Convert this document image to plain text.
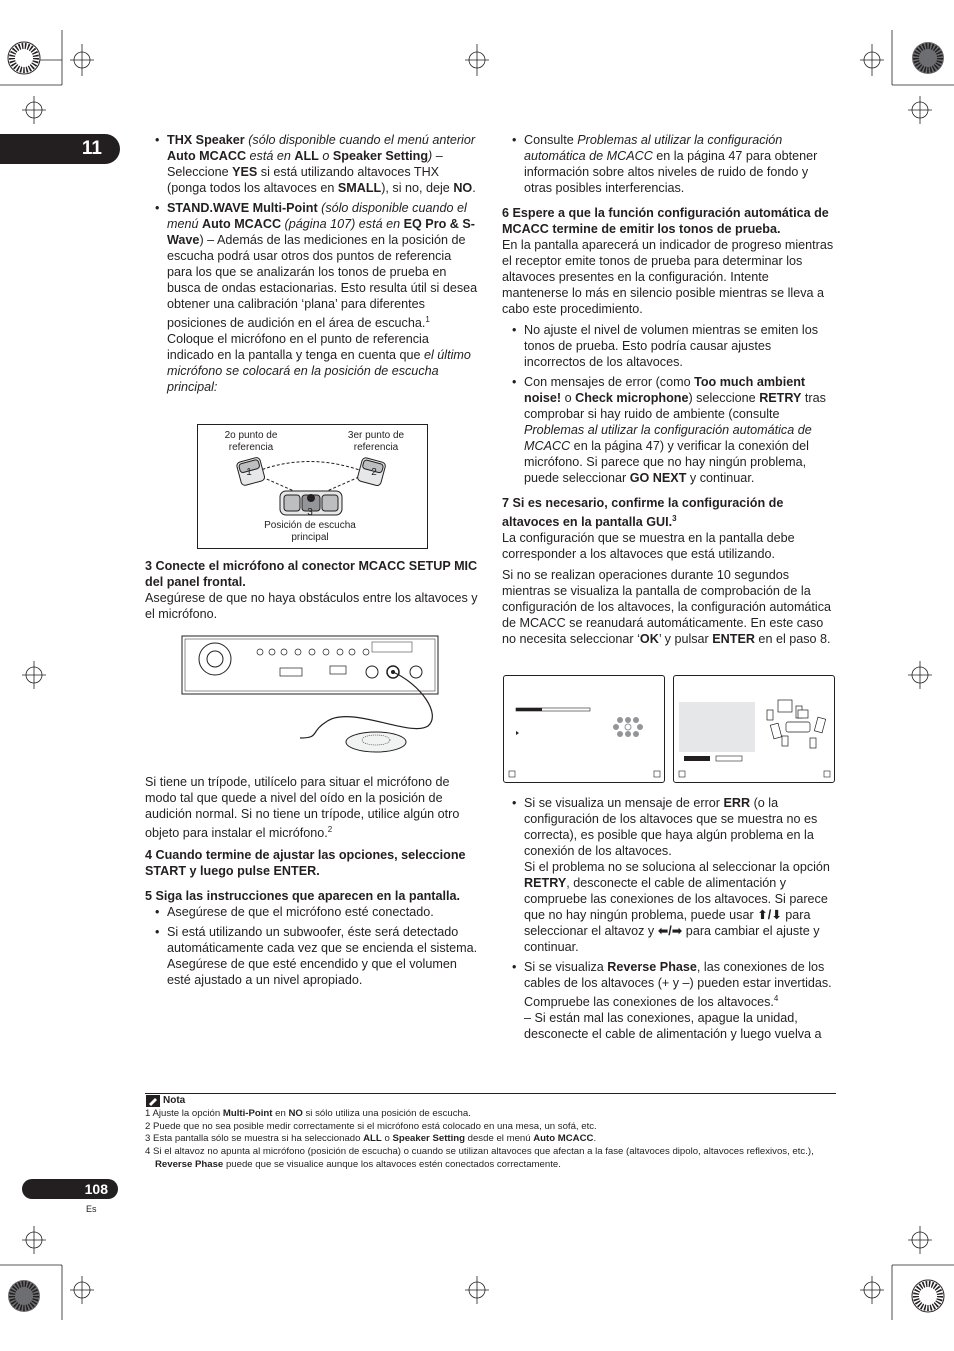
11
108
Es
• THX Speaker (sólo disponible cuando el menú anterior Auto MCACC está en ALL o Speaker Setting) – Seleccione YES si está utilizando altavoces THX (ponga todos los altavoces en SMALL), si no, deje NO.
• STAND.WAVE Multi-Point (sólo disponible cuando el menú Auto MCACC (página 107) está en EQ Pro & S-Wave) – Además de las mediciones en la posición de escucha podrá usar otros dos puntos de referencia para los que se analizarán los tonos de prueba en busca de ondas estacionarias. Esto resulta útil si desea obtener una calibración ‘plana’ para diferentes posiciones de audición en el área de escucha.$^1$ Coloque el micrófono en el punto de referencia indicado en la pantalla y tenga en cuenta que el último micrófono se colocará en la posición de escucha principal:
2o punto de referencia
3er punto de referencia
1	2
3
Posición de escucha principal
3 Conecte el micrófono al conector MCACC SETUP MIC del panel frontal.
Asegúrese de que no haya obstáculos entre los altavoces y el micrófono.
Si tiene un trípode, utilícelo para situar el micrófono de modo tal que quede a nivel del oído en la posición de audición normal. Si no tiene un trípode, utilice algún otro objeto para instalar el micrófono.$^2$
4 Cuando termine de ajustar las opciones, seleccione START y luego pulse ENTER.
5 Siga las instrucciones que aparecen en la pantalla.
• Asegúrese de que el micrófono esté conectado.
• Si está utilizando un subwoofer, éste será detectado automáticamente cada vez que se encienda el sistema. Asegúrese de que esté encendido y que el volumen esté ajustado a un nivel apropiado.
• Consulte Problemas al utilizar la configuración automática de MCACC en la página 47 para obtener información sobre altos niveles de ruido de fondo y otras posibles interferencias.
6 Espere a que la función configuración automática de MCACC termine de emitir los tonos de prueba.
En la pantalla aparecerá un indicador de progreso mientras el receptor emite tonos de prueba para determinar los altavoces presentes en la configuración. Intente mantenerse lo más en silencio posible mientras se lleva a cabo este procedimiento.
• No ajuste el nivel de volumen mientras se emiten los tonos de prueba. Esto podría causar ajustes incorrectos de los altavoces.
• Con mensajes de error (como Too much ambient noise! o Check microphone) seleccione RETRY tras comprobar si hay ruido de ambiente (consulte Problemas al utilizar la configuración automática de MCACC en la página 47) y verificar la conexión del micrófono. Si parece que no hay ningún problema, puede seleccionar GO NEXT y continuar.
7 Si es necesario, confirme la configuración de altavoces en la pantalla GUI.$^3$
La configuración que se muestra en la pantalla debe corresponder a los altavoces que está utilizando.
Si no se realizan operaciones durante 10 segundos mientras se visualiza la pantalla de comprobación de la configuración de los altavoces, la configuración automática de MCACC se reanudará automáticamente. En este caso no necesita seleccionar ‘OK’ y pulsar ENTER en el paso 8.
• Si se visualiza un mensaje de error ERR (o la configuración de los altavoces que se muestra no es correcta), es posible que haya algún problema en la conexión de los altavoces.
Si el problema no se soluciona al seleccionar la opción RETRY, desconecte el cable de alimentación y compruebe las conexiones de los altavoces. Si parece que no hay ningún problema, puede usar ⬆/⬇ para seleccionar el altavoz y ⬅/➡ para cambiar el ajuste y continuar.
• Si se visualiza Reverse Phase, las conexiones de los cables de los altavoces (+ y –) pueden estar invertidas. Compruebe las conexiones de los altavoces.$^4$
– Si están mal las conexiones, apague la unidad, desconecte el cable de alimentación y luego vuelva a
Nota
1 Ajuste la opción Multi-Point en NO si sólo utiliza una posición de escucha.
2 Puede que no sea posible medir correctamente si el micrófono está colocado en una mesa, un sofá, etc.
3 Esta pantalla sólo se muestra si ha seleccionado ALL o Speaker Setting desde el menú Auto MCACC.
4 Si el altavoz no apunta al micrófono (posición de escucha) o cuando se utilizan altavoces que afectan a la fase (altavoces dipolo, altavoces reflexivos, etc.), Reverse Phase puede que se visualice aunque los altavoces estén conectados correctamente.
